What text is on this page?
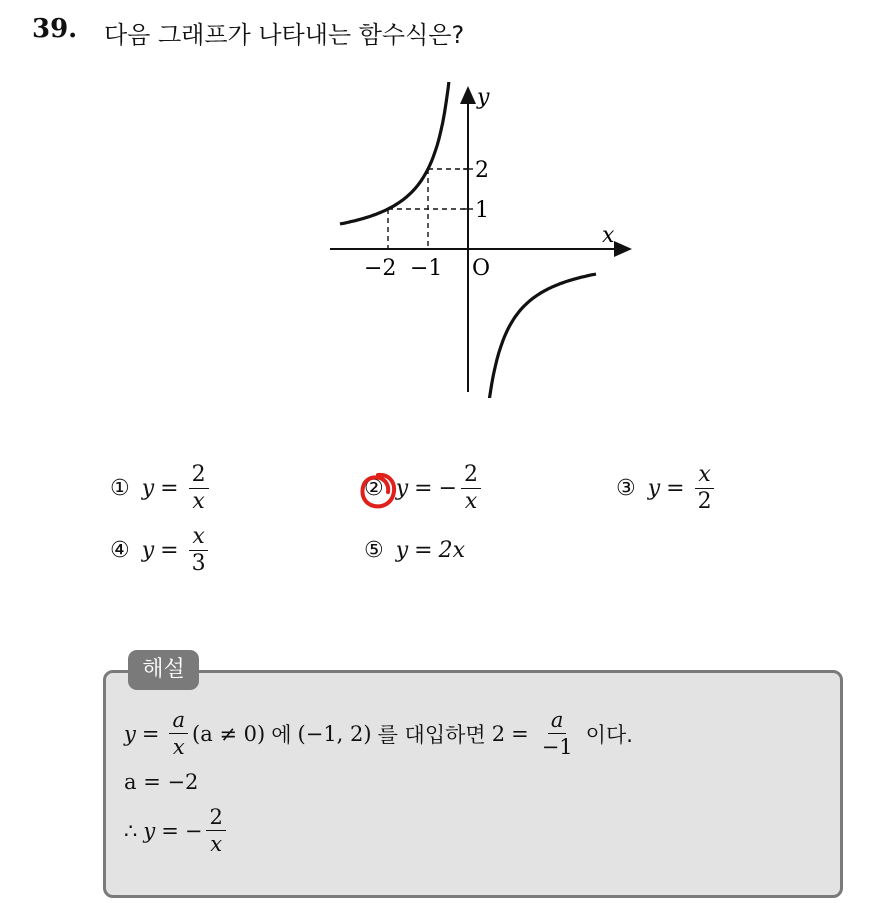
39. 다음 그래프가 나타내는 함수식은?
y
x
O
−2 −1
2
1
① $y = \frac{2}{x}$	② y = − $\frac{2}{x}$	③ $y = \frac{x}{2}$
④ $y = \frac{x}{3}$	⑤ y = 2x
해설
$y = \frac{a}{x} (a \ne 0)$ 에 (−1, 2) 를 대입하면 $2 = \frac{a}{-1}$ 이다.
a = −2
∴ y = − $\frac{2}{x}$
